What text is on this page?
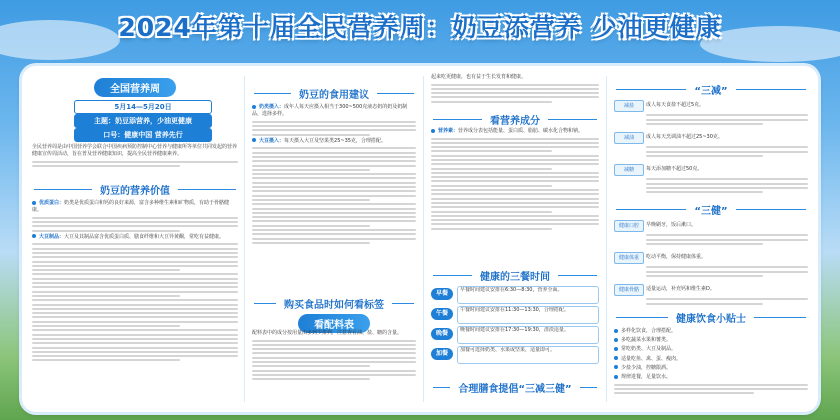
2024年第十届全民营养周：奶豆添营养 少油更健康
全国营养周
5月14—5月20日
主题：奶豆添营养，少油更健康
口号：健康中国 营养先行

全民营养周是由中国营养学会联合中国疾病预防控制中心营养与健康所等单位共同发起的营养健康宣传周活动，旨在普及营养健康知识，提高全民营养健康素养。

奶豆的营养价值

优质蛋白：奶类是优质蛋白和钙的良好来源，富含多种维生素和矿物质，有助于骨骼健康。

大豆制品：大豆及其制品富含优质蛋白质、膳食纤维和大豆异黄酮，常吃有益健康。

奶豆的食用建议

奶类摄入：成年人每天应摄入相当于300~500克液态奶的奶及奶制品，选择多样。

大豆摄入：每天摄入大豆及坚果类25~35克，合理搭配。

购买食品时如何看标签
看配料表

配料表中的成分按用量由多到少排列，注意查看油、盐、糖的含量。

起来吃更健康，也有益于生长发育和健康。

看营养成分

营养素：营养成分表包括能量、蛋白质、脂肪、碳水化合物和钠。

健康的三餐时间
早餐	早餐时间建议安排在6:30—8:30，营养全面。
午餐	午餐时间建议安排在11:30—13:30，合理搭配。
晚餐	晚餐时间建议安排在17:30—19:30，清淡适量。
加餐	加餐可选择奶类、水果或坚果，适量即可。
合理膳食提倡“三减三健”
“三减”
减盐	成人每天食盐不超过5克。
减油	成人每天烹调油不超过25~30克。
减糖	每天添加糖不超过50克。
“三健”
健康口腔	早晚刷牙，饭后漱口。
健康体重	吃动平衡，保持健康体重。
健康骨骼	适量运动，补充钙和维生素D。
健康饮食小贴士

多样化饮食，合理搭配。

多吃蔬菜水果和薯类。

常吃奶类、大豆及制品。

适量吃鱼、禽、蛋、瘦肉。

少盐少油，控糖限酒。

规律进餐，足量饮水。
